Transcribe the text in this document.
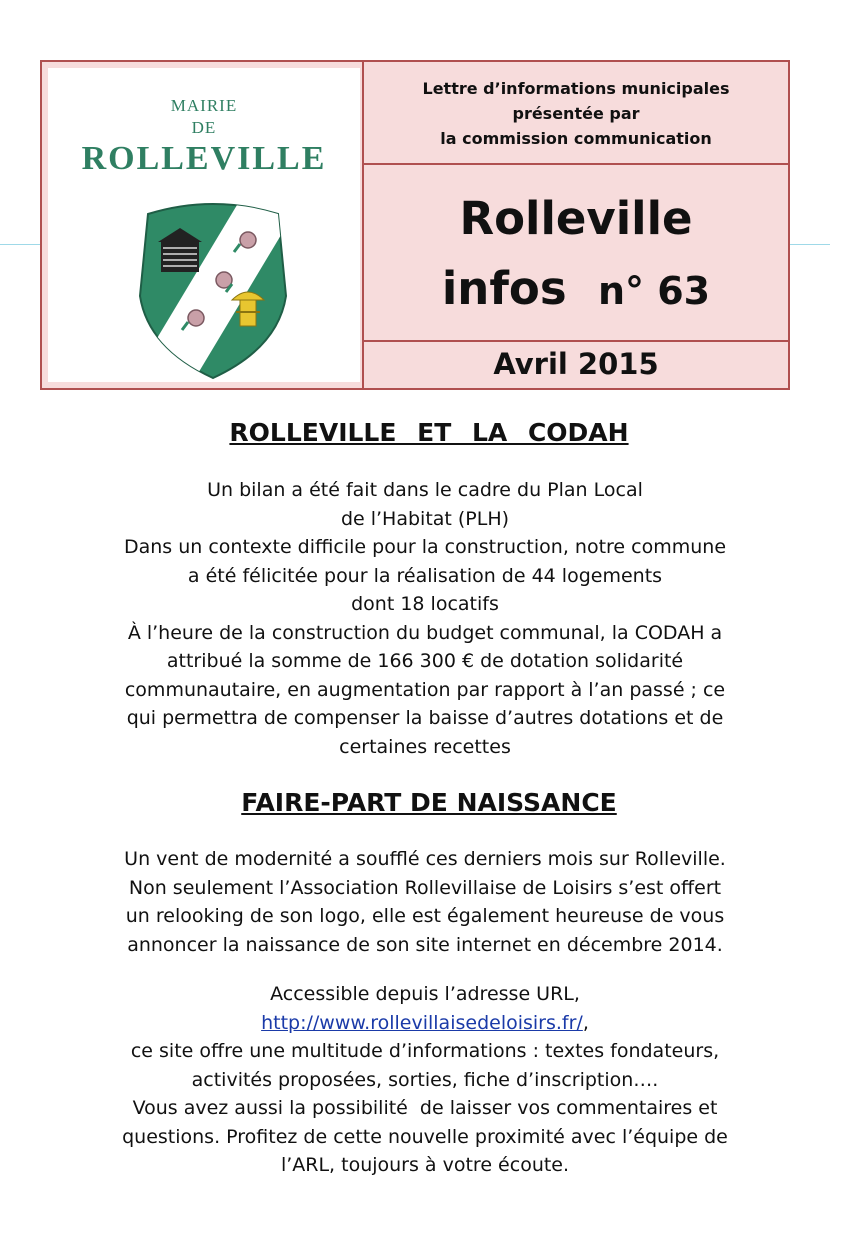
MAIRIE
DE
ROLLEVILLE
Lettre d’informations municipales
présentée par
la commission communication
Rolleville
infos n° 63
Avril 2015
ROLLEVILLE ET LA CODAH
Un bilan a été fait dans le cadre du Plan Local
de l’Habitat (PLH)
Dans un contexte difficile pour la construction, notre commune
a été félicitée pour la réalisation de 44 logements
dont 18 locatifs
À l’heure de la construction du budget communal, la CODAH a
attribué la somme de 166 300 € de dotation solidarité
communautaire, en augmentation par rapport à l’an passé ; ce
qui permettra de compenser la baisse d’autres dotations et de
certaines recettes
FAIRE-PART DE NAISSANCE
Un vent de modernité a soufflé ces derniers mois sur Rolleville.
Non seulement l’Association Rollevillaise de Loisirs s’est offert
un relooking de son logo, elle est également heureuse de vous
annoncer la naissance de son site internet en décembre 2014.
Accessible depuis l’adresse URL,
http://www.rollevillaisedeloisirs.fr/,
ce site offre une multitude d’informations : textes fondateurs,
activités proposées, sorties, fiche d’inscription….
Vous avez aussi la possibilité  de laisser vos commentaires et
questions. Profitez de cette nouvelle proximité avec l’équipe de
l’ARL, toujours à votre écoute.
